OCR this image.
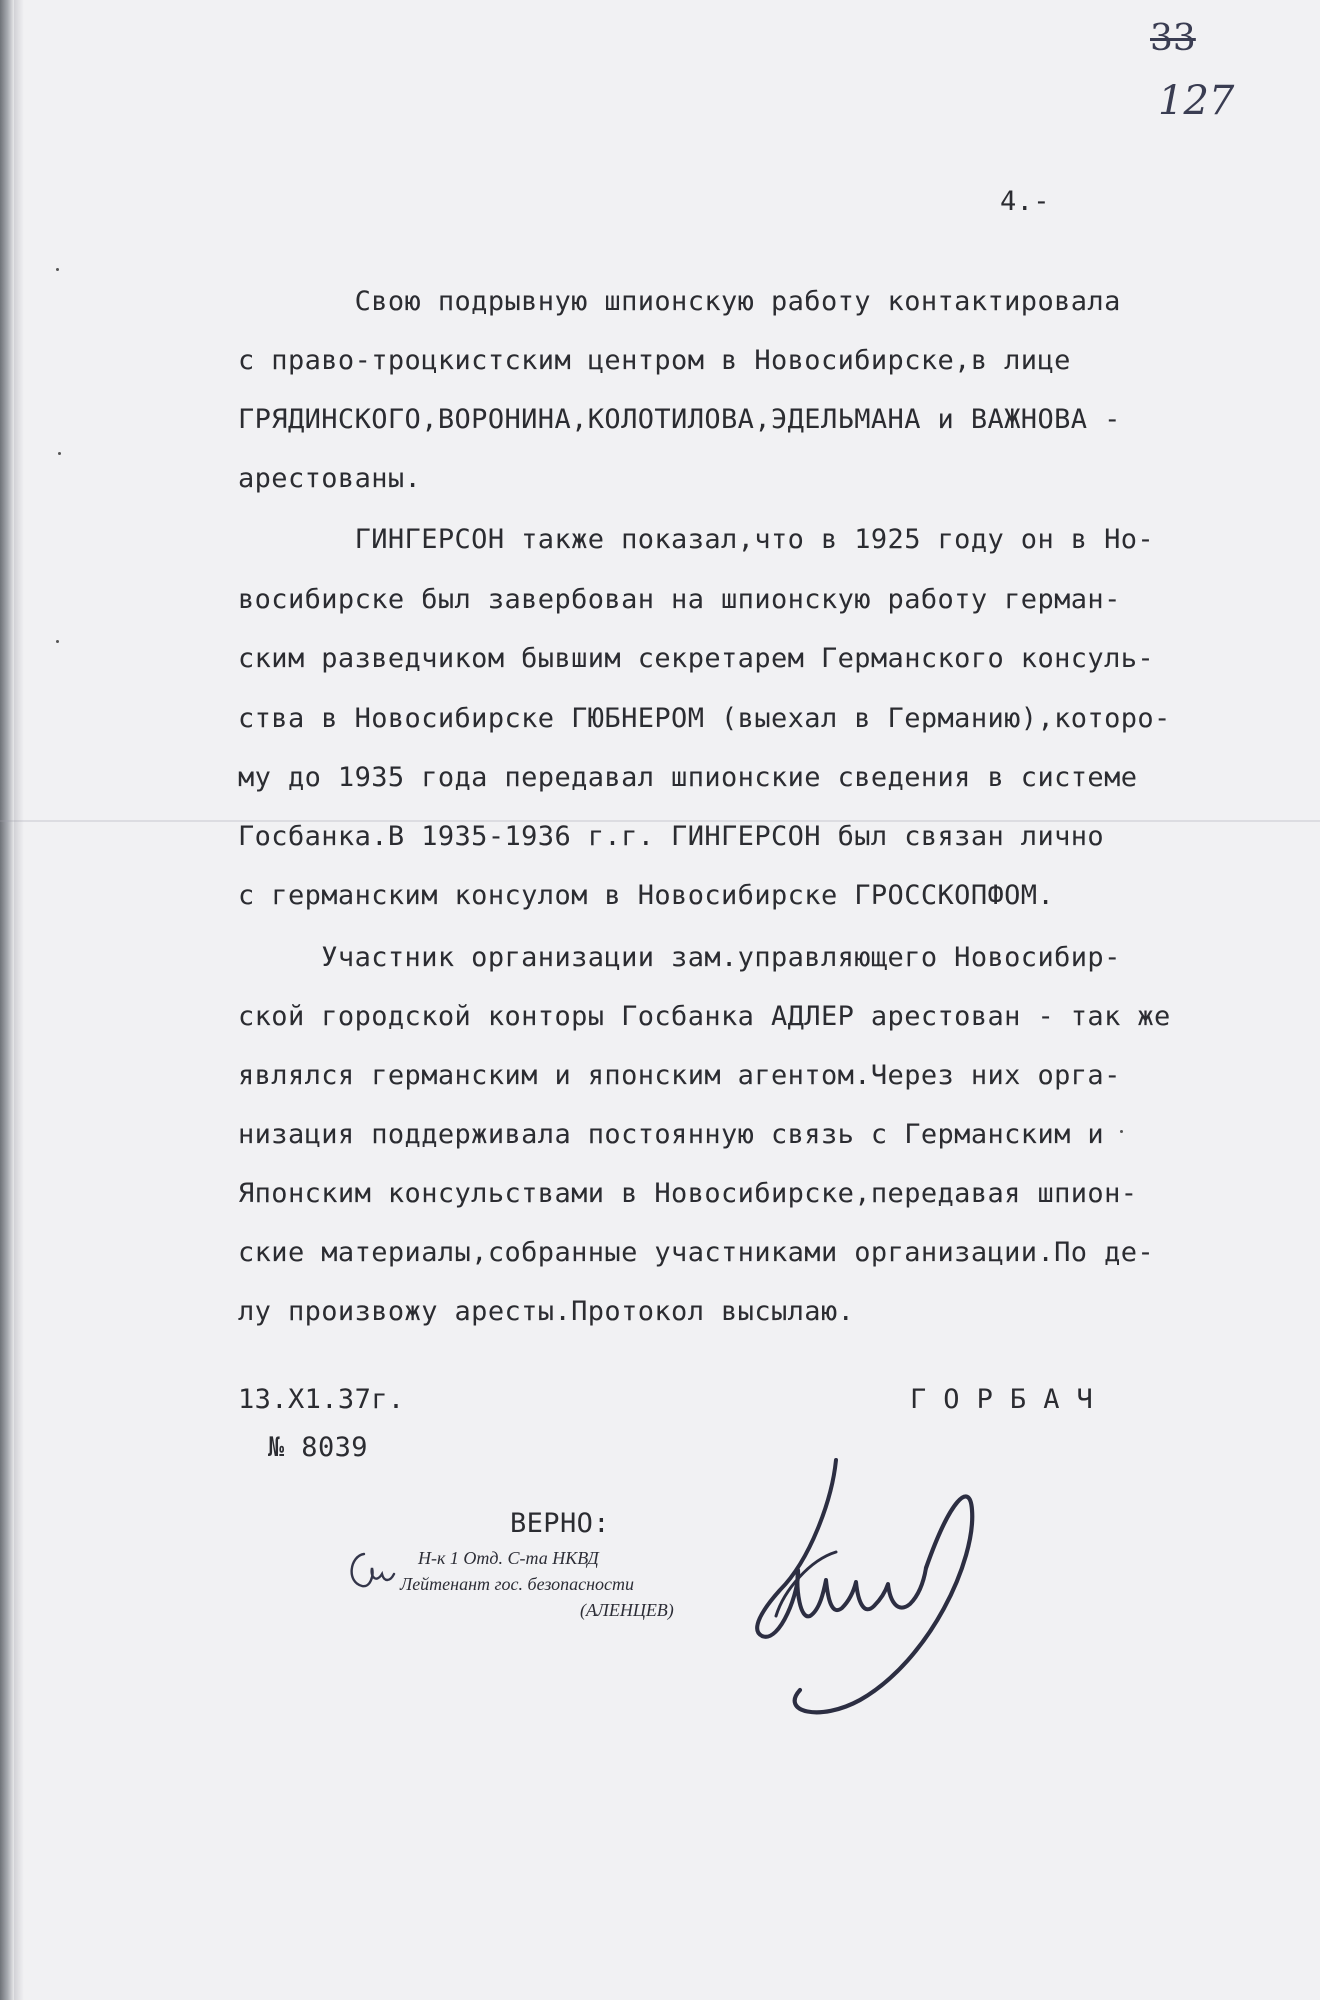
33
127
4.-
Свою подрывную шпионскую работу контактировала
с право-троцкистским центром в Новосибирске,в лице
ГРЯДИНСКОГО,ВОРОНИНА,КОЛОТИЛОВА,ЭДЕЛЬМАНА и ВАЖНОВА -
арестованы.
ГИНГЕРСОН также показал,что в 1925 году он в Но-
восибирске был завербован на шпионскую работу герман-
ским разведчиком бывшим секретарем Германского консуль-
ства в Новосибирске ГЮБНЕРОМ (выехал в Германию),которо-
му до 1935 года передавал шпионские сведения в системе
Госбанка.В 1935-1936 г.г. ГИНГЕРСОН был связан лично
с германским консулом в Новосибирске ГРОССКОПФОМ.
Участник организации зам.управляющего Новосибир-
ской городской конторы Госбанка АДЛЕР арестован - так же
являлся германским и японским агентом.Через них орга-
низация поддерживала постоянную связь с Германским и
Японским консульствами в Новосибирске,передавая шпион-
ские материалы,собранные участниками организации.По де-
лу произвожу аресты.Протокол высылаю.
13.Х1.37г.
№ 8039
Г О Р Б А Ч
ВЕРНО:
Н-к 1 Отд. С-та НКВД
Лейтенант гос. безопасности
(АЛЕНЦЕВ)
